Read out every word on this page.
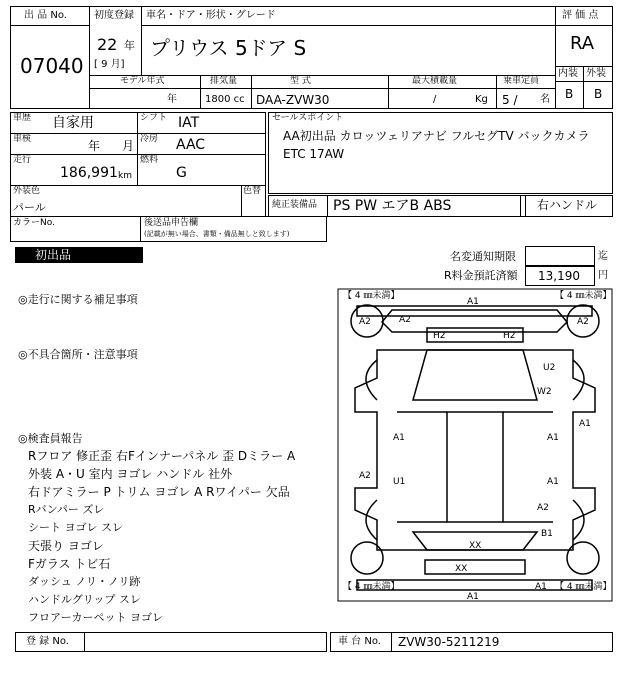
出 品 No.
07040
初度登録
22 年
[ 9 月]
車名・ドア・形状・グレード
プリウス 5ドア S
評 価 点
RA
内装 外装
B B
モデル年式
年
排気量
1800 cc
型 式
DAA-ZVW30
最大積載量
/	Kg
乗車定員
5 / 名
車歴 自家用	シフト IAT
車検	年 月 冷房 AAC
走行
186,991 km
燃料
G
外装色
パール
色替
カラーNo.	後送品申告欄
(記載が無い場合、書類・備品無しと致します)
セールスポイント
AA初出品 カロッツェリアナビ フルセグTV バックカメラ
ETC 17AW
純正装備品 PS PW エアB ABS	右ハンドル
初出品	名変通知期限	迄
R料金預託済額 13,190 円
◎走行に関する補足事項
◎不具合箇所・注意事項
◎検査員報告
Rフロア 修正歪 右Fインナーパネル 歪 Dミラー A
外装 A・U 室内 ヨゴレ ハンドル 社外
右ドアミラー P トリム ヨゴレ A Rワイパー 欠品
Rバンパー ズレ
シート ヨゴレ スレ
天張り ヨゴレ
Fガラス トビ石
ダッシュ ノリ・ノリ跡
ハンドルグリップ スレ
フロアーカーペット ヨゴレ
【 4 ㎜未満】	【 4 ㎜未満】
【 4 ㎜未満】	【 4 ㎜未満】
A1
A2
A2	A2
H2	H2
U2
W2
A1
A1	A1
A2
U1	A1
A2
B1
XX
XX
A1
A1
登 録 No.	車 台 No. ZVW30-5211219
